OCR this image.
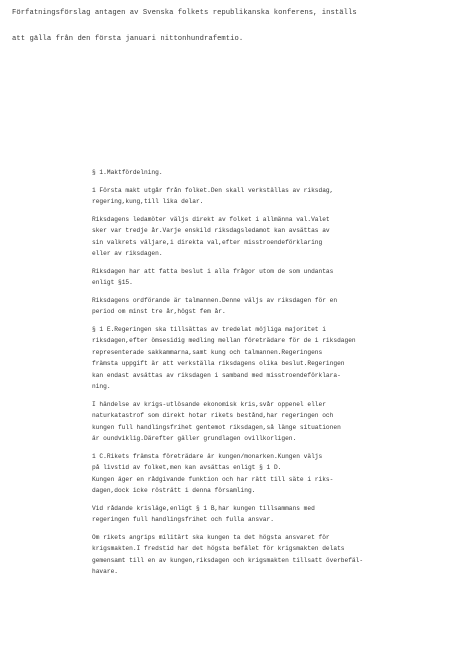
Förfatningsförslag antagen av Svenska folkets republikanska konferens, inställs
att gälla från den första januari nittonhundrafemtio.
§ 1.Maktfördelning.
1 Första makt utgår från folket.Den skall verkställas av riksdag,
regering,kung,till lika delar.
Riksdagens ledamöter väljs direkt av folket i allmänna val.Valet
sker var tredje år.Varje enskild riksdagsledamot kan avsättas av
sin valkrets väljare,i direkta val,efter misstroendeförklaring
eller av riksdagen.
Riksdagen har att fatta beslut i alla frågor utom de som undantas
enligt §15.
Riksdagens ordförande är talmannen.Denne väljs av riksdagen för en
period om minst tre år,högst fem år.
§ 1 E.Regeringen ska tillsättas av tredelat möjliga majoritet i
riksdagen,efter ömsesidig medling mellan företrädare för de i riksdagen
representerade sakkammarna,samt kung och talmannen.Regeringens
främsta uppgift är att verkställa riksdagens olika beslut.Regeringen
kan endast avsättas av riksdagen i samband med misstroendeförklara-
ning.
I händelse av krigs-utlösande ekonomisk kris,svår oppenel eller
naturkatastrof som direkt hotar rikets bestånd,har regeringen och
kungen full handlingsfrihet gentemot riksdagen,så länge situationen
är oundviklig.Därefter gäller grundlagen ovillkorligen.
1 C.Rikets främsta företrädare är kungen/monarken.Kungen väljs
på livstid av folket,men kan avsättas enligt § 1 D.
Kungen äger en rådgivande funktion och har rätt till säte i riks-
dagen,dock icke rösträtt i denna församling.
Vid rådande krisläge,enligt § 1 B,har kungen tillsammans med
regeringen full handlingsfrihet och fulla ansvar.
Om rikets angrips militärt ska kungen ta det högsta ansvaret för
krigsmakten.I fredstid har det högsta befälet för krigsmakten delats
gemensamt till en av kungen,riksdagen och krigsmakten tillsatt överbefäl-
havare.
